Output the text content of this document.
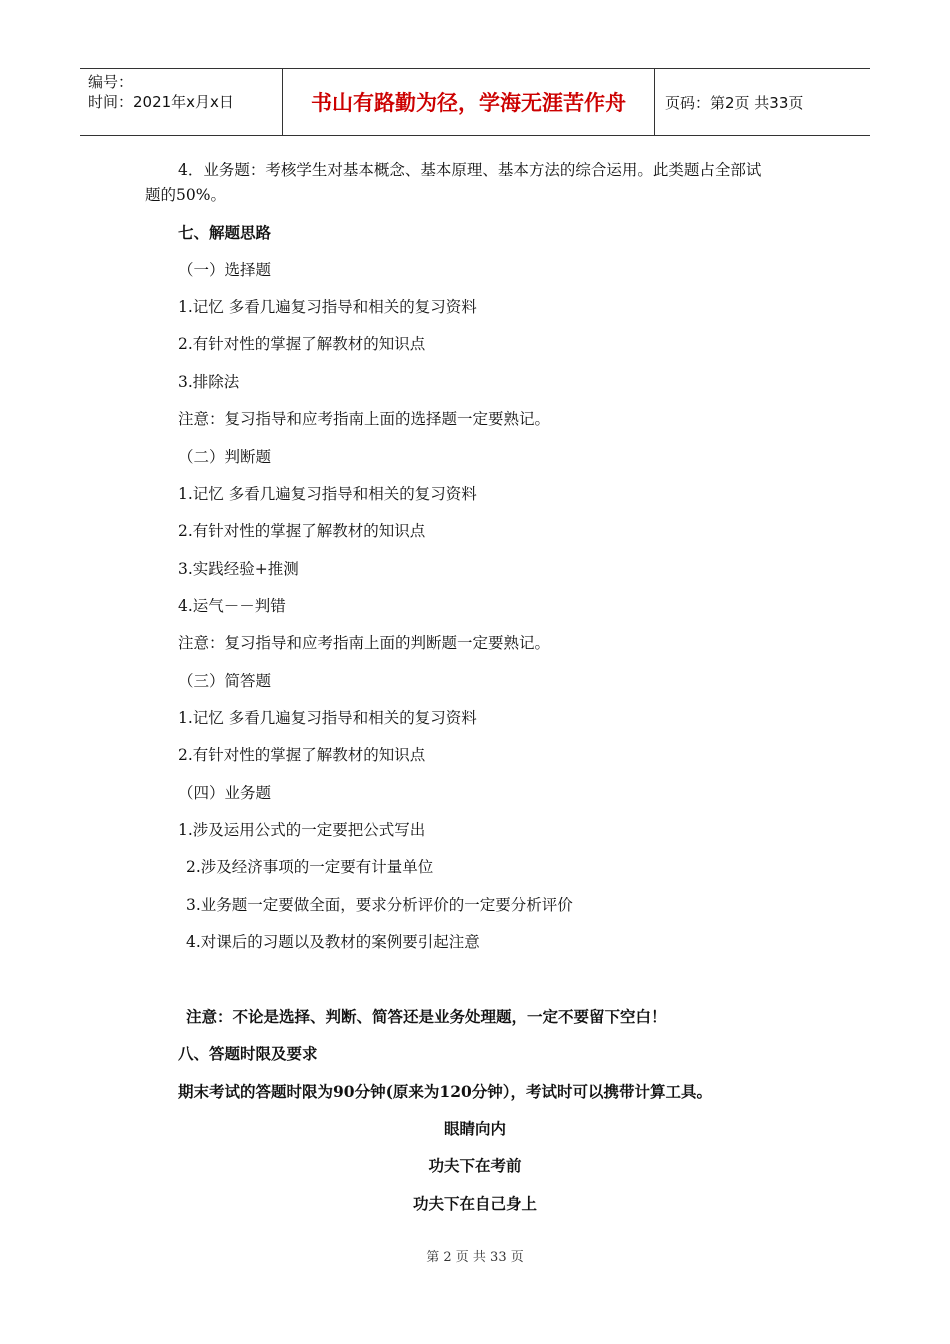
编号：
时间：2021年x月x日	书山有路勤为径，学海无涯苦作舟	页码：第2页 共33页
4．业务题：考核学生对基本概念、基本原理、基本方法的综合运用。此类题占全部试
题的50%。
七、解题思路
（一）选择题
1.记忆 多看几遍复习指导和相关的复习资料
2.有针对性的掌握了解教材的知识点
3.排除法
注意：复习指导和应考指南上面的选择题一定要熟记。
（二）判断题
1.记忆 多看几遍复习指导和相关的复习资料
2.有针对性的掌握了解教材的知识点
3.实践经验+推测
4.运气－－判错
注意：复习指导和应考指南上面的判断题一定要熟记。
（三）简答题
1.记忆 多看几遍复习指导和相关的复习资料
2.有针对性的掌握了解教材的知识点
（四）业务题
1.涉及运用公式的一定要把公式写出
2.涉及经济事项的一定要有计量单位
3.业务题一定要做全面，要求分析评价的一定要分析评价
4.对课后的习题以及教材的案例要引起注意
注意：不论是选择、判断、简答还是业务处理题，一定不要留下空白！
八、答题时限及要求
期末考试的答题时限为90分钟(原来为120分钟），考试时可以携带计算工具。
眼睛向内
功夫下在考前
功夫下在自己身上
第 2 页 共 33 页
